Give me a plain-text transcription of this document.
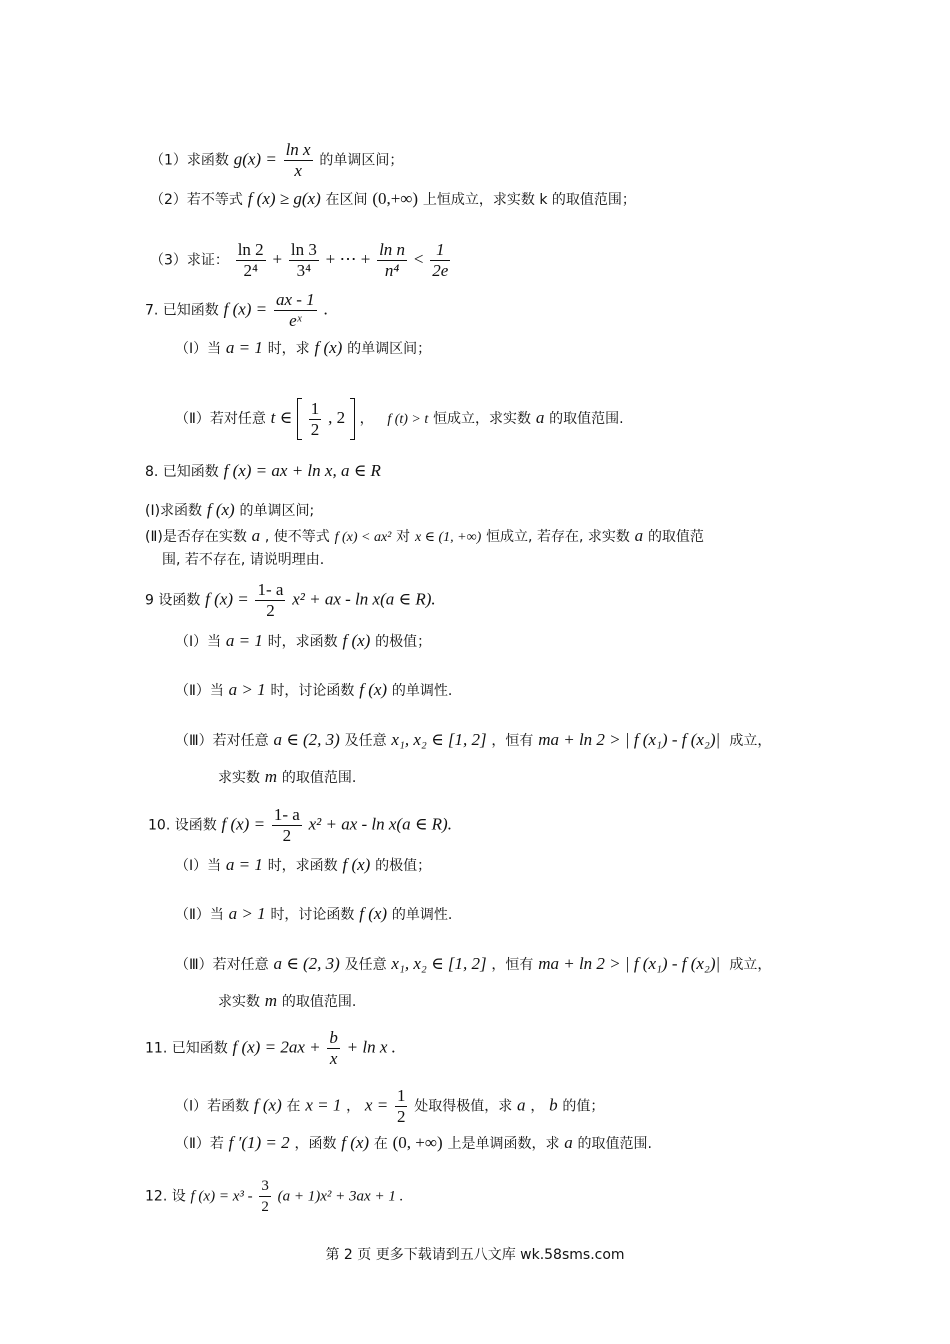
（1）求函数 $g(x) = \frac{\text{ln x}}{x}$ 的单调区间；
（2）若不等式 f (x) ≥ g(x) 在区间 (0,+∞) 上恒成立，求实数 k 的取值范围；
（3）求证： $\frac{\ln 2}{\text{2⁴}} + \frac{\ln 3}{\text{3⁴}}$ + ⋯ + $\frac{\text{ln n}}{\text{n⁴}} < \frac{1}{2e}$
7. 已知函数 f $(x) = \frac{ax - 1}{\text{eˣ}}$ .
（Ⅰ）当 a = 1 时，求 f (x) 的单调区间；
（Ⅱ）若对任意 t ∈ $\frac{1}{2}$ , 2 ，   f (t) > t 恒成立，求实数 a 的取值范围.
8. 已知函数 f (x) = ax + ln x, a ∈ R
(Ⅰ)求函数 f (x) 的单调区间;
(Ⅱ)是否存在实数 a , 使不等式 f (x) < ax² 对 x ∈ (1, +∞) 恒成立, 若存在, 求实数 a 的取值范
围, 若不存在, 请说明理由.
9 设函数 f $(x) = \frac{1- a}{2} x^2$ + ax - ln x(a ∈ R).
（Ⅰ）当 a = 1 时，求函数 f (x) 的极值；
（Ⅱ）当 a > 1 时，讨论函数 f (x) 的单调性.
（Ⅲ）若对任意 a ∈ (2, 3) 及任意 x₁, x₂ ∈ [1, 2] ，恒有 ma + ln 2 > | f (x₁) - f (x₂)| 成立，
求实数 m 的取值范围.
10. 设函数 f $(x) = \frac{1- a}{2} x^2$ + ax - ln x(a ∈ R).
（Ⅰ）当 a = 1 时，求函数 f (x) 的极值；
（Ⅱ）当 a > 1 时，讨论函数 f (x) 的单调性.
（Ⅲ）若对任意 a ∈ (2, 3) 及任意 x₁, x₂ ∈ [1, 2] ，恒有 ma + ln 2 > | f (x₁) - f (x₂)| 成立，
求实数 m 的取值范围.
11. 已知函数 f $(x) = 2ax + \frac{b}{x} + \ln x$ .
（Ⅰ）若函数 f (x) 在 x = 1 ， $x = \frac{1}{2}$ 处取得极值，求 a ， b 的值；
（Ⅱ）若 f ′(1) = 2 ，函数 f (x) 在 (0, +∞) 上是单调函数，求 a 的取值范围.
12. 设 f $(x) = x^3 - \frac{3}{2} (a + 1)x^2 + 3ax + 1$ .
第 2 页 更多下载请到五八文库 wk.58sms.com
